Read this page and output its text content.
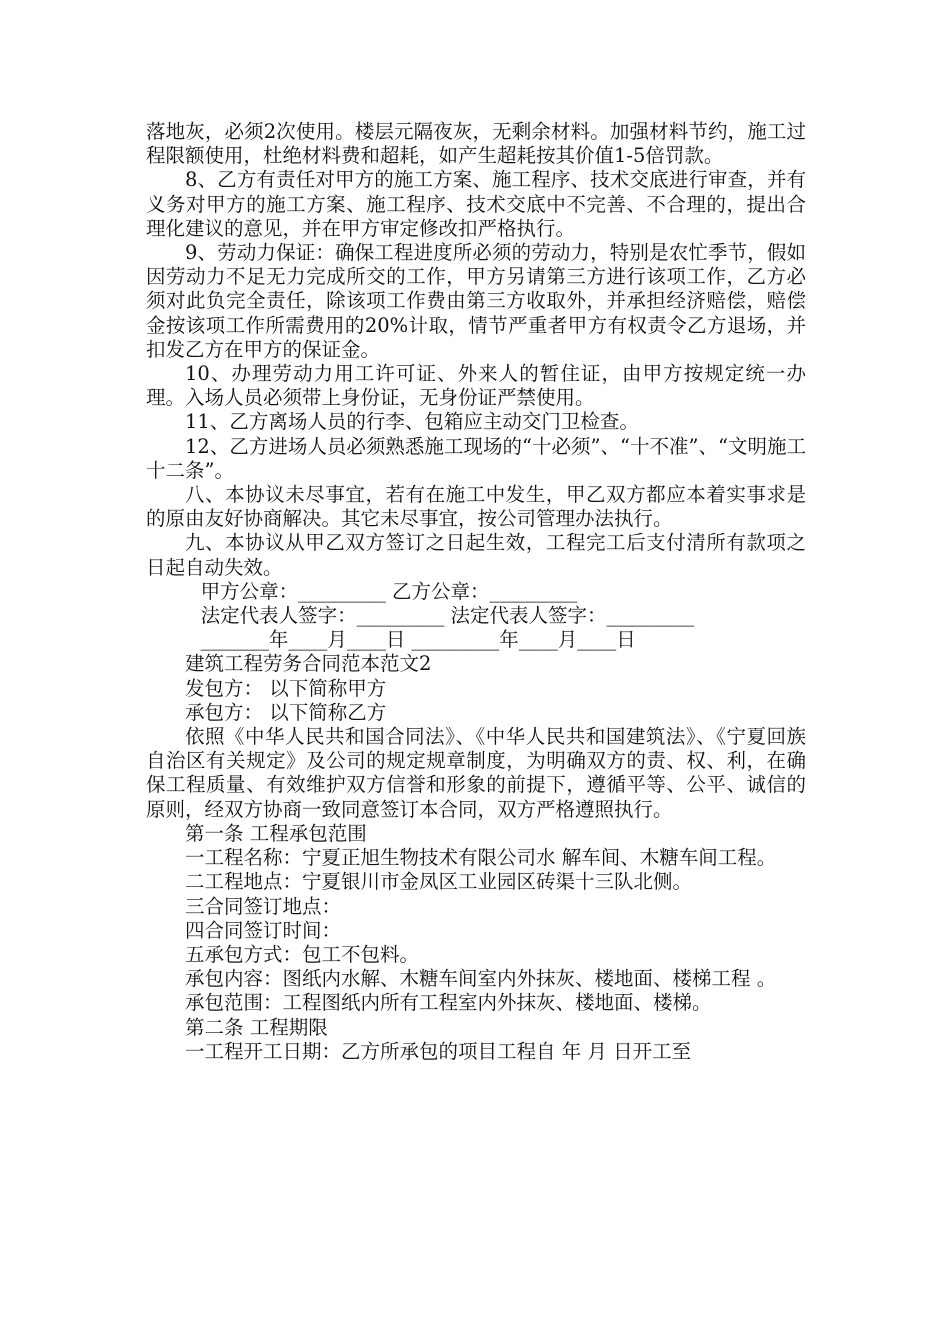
落地灰，必须2次使用。楼层元隔夜灰，无剩余材料。加强材料节约，施工过程限额使用，杜绝材料费和超耗，如产生超耗按其价值1-5倍罚款。

8、乙方有责任对甲方的施工方案、施工程序、技术交底进行审查，并有义务对甲方的施工方案、施工程序、技术交底中不完善、不合理的，提出合理化建议的意见，并在甲方审定修改扣严格执行。

9、劳动力保证：确保工程进度所必须的劳动力，特别是农忙季节，假如因劳动力不足无力完成所交的工作，甲方另请第三方进行该项工作，乙方必须对此负完全责任，除该项工作费由第三方收取外，并承担经济赔偿，赔偿金按该项工作所需费用的20%计取，情节严重者甲方有权责令乙方退场，并扣发乙方在甲方的保证金。

10、办理劳动力用工许可证、外来人的暂住证，由甲方按规定统一办理。入场人员必须带上身份证，无身份证严禁使用。

11、乙方离场人员的行李、包箱应主动交门卫检查。

12、乙方进场人员必须熟悉施工现场的“十必须”、“十不准”、“文明施工十二条”。

八、本协议未尽事宜，若有在施工中发生，甲乙双方都应本着实事求是的原由友好协商解决。其它未尽事宜，按公司管理办法执行。

九、本协议从甲乙双方签订之日起生效，工程完工后支付清所有款项之日起自动失效。

甲方公章：_________ 乙方公章：_________

法定代表人签字：_________ 法定代表人签字：_________

_______年____月____日 _________年____月____日

建筑工程劳务合同范本范文2

发包方： 以下简称甲方

承包方： 以下简称乙方

依照《中华人民共和国合同法》、《中华人民共和国建筑法》、《宁夏回族自治区有关规定》及公司的规定规章制度，为明确双方的责、权、利，在确保工程质量、有效维护双方信誉和形象的前提下，遵循平等、公平、诚信的原则，经双方协商一致同意签订本合同，双方严格遵照执行。

第一条 工程承包范围

一工程名称：宁夏正旭生物技术有限公司水 解车间、木糖车间工程。

二工程地点：宁夏银川市金凤区工业园区砖渠十三队北侧。

三合同签订地点：

四合同签订时间：

五承包方式：包工不包料。

承包内容：图纸内水解、木糖车间室内外抹灰、楼地面、楼梯工程 。

承包范围：工程图纸内所有工程室内外抹灰、楼地面、楼梯。

第二条 工程期限

一工程开工日期：乙方所承包的项目工程自 年 月 日开工至
